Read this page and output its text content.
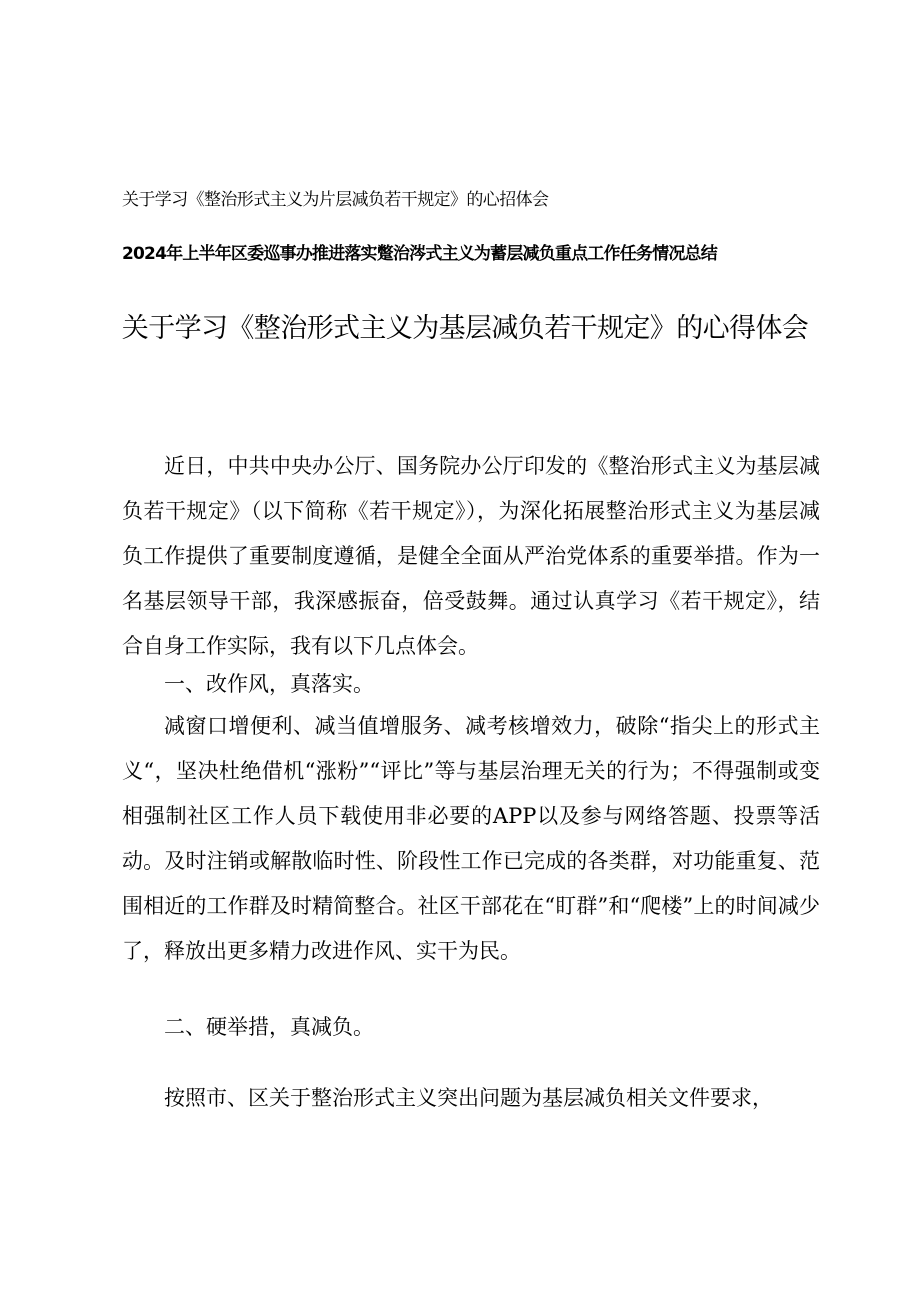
关于学习《整治形式主义为片层减负若干规定》的心招体会
2024年上半年区委巡事办推进落实蹩治涔式主义为蓄层减负重点工作任务情况总结
关于学习《整治形式主义为基层减负若干规定》的心得体会

近日，中共中央办公厅、国务院办公厅印发的《整治形式主义为基层减负若干规定》（以下简称《若干规定》），为深化拓展整治形式主义为基层减负工作提供了重要制度遵循，是健全全面从严治党体系的重要举措。作为一名基层领导干部，我深感振奋，倍受鼓舞。通过认真学习《若干规定》，结合自身工作实际，我有以下几点体会。

一、改作风，真落实。

减窗口增便利、减当值增服务、减考核增效力，破除“指尖上的形式主义“，坚决杜绝借机“涨粉”“评比”等与基层治理无关的行为；不得强制或变相强制社区工作人员下载使用非必要的APP以及参与网络答题、投票等活动。及时注销或解散临时性、阶段性工作已完成的各类群，对功能重复、范围相近的工作群及时精简整合。社区干部花在“盯群”和“爬楼”上的时间减少了，释放出更多精力改进作风、实干为民。

二、硬举措，真减负。

按照市、区关于整治形式主义突出问题为基层减负相关文件要求，
